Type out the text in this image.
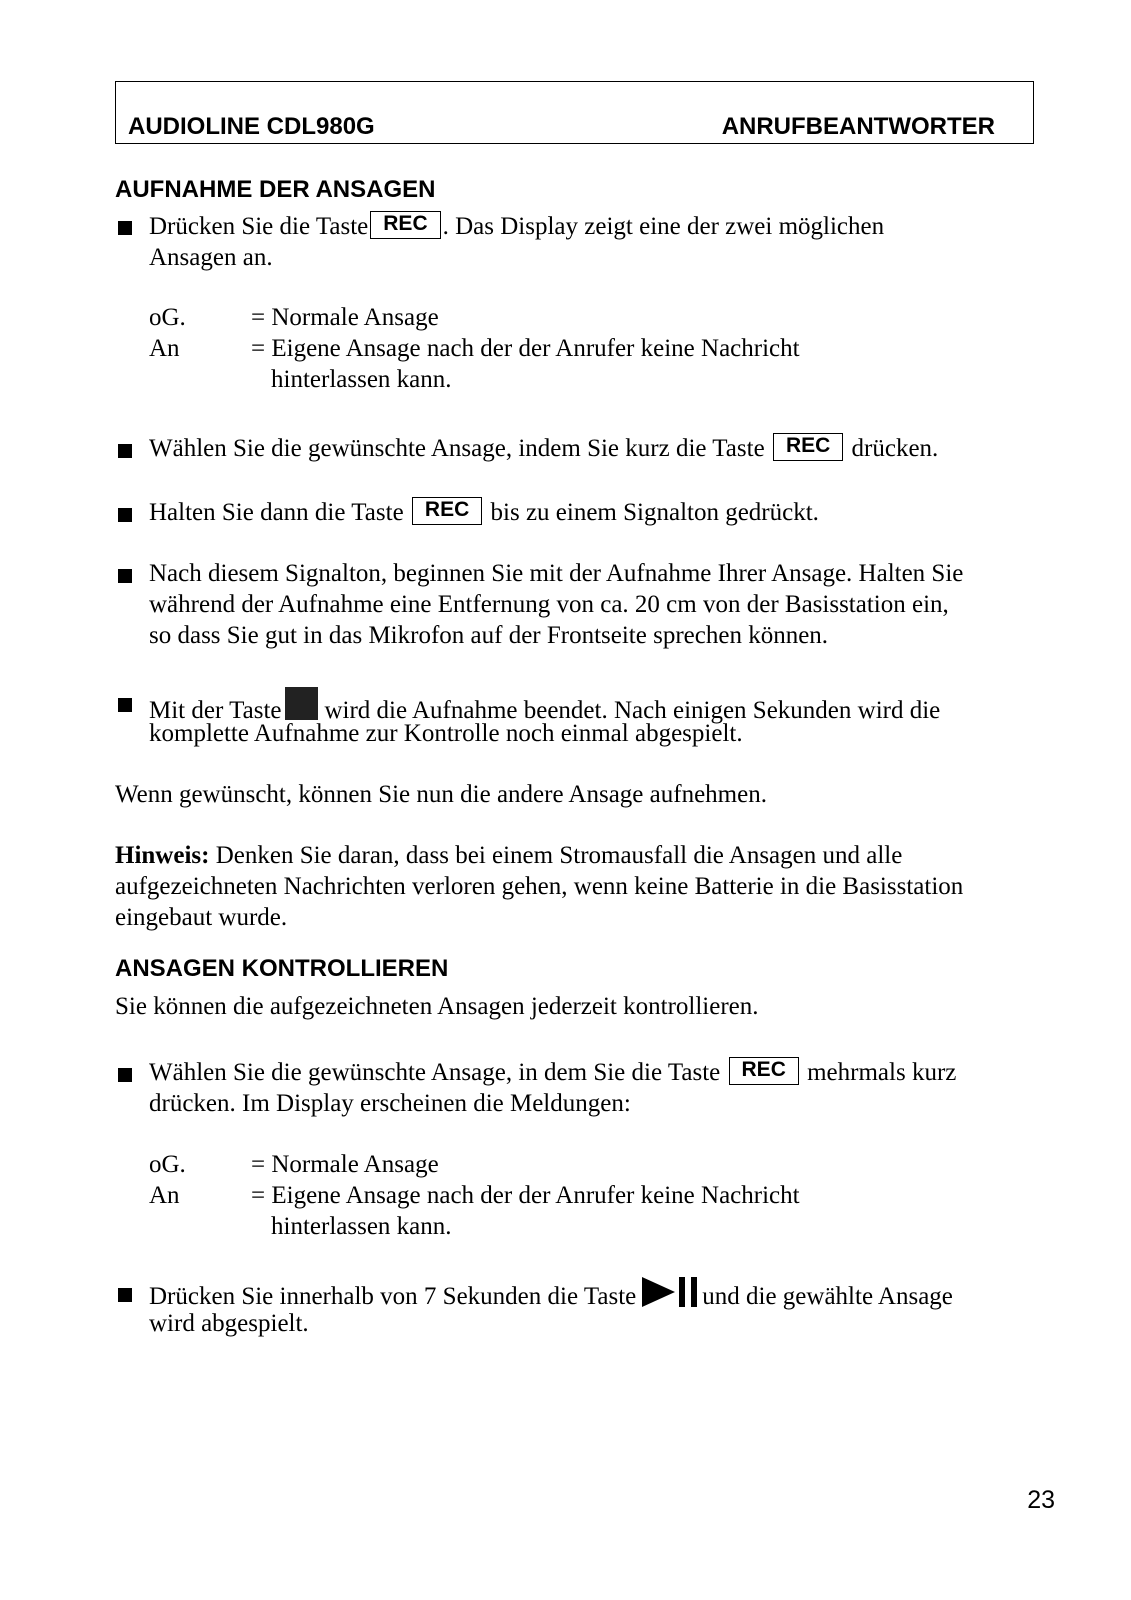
AUDIOLINE CDL980G	ANRUFBEANTWORTER
AUFNAHME DER ANSAGEN
Drücken Sie die Taste REC . Das Display zeigt eine der zwei möglichen
Ansagen an.
oG.	= Normale Ansage
An	= Eigene Ansage nach der der Anrufer keine Nachricht
hinterlassen kann.
Wählen Sie die gewünschte Ansage, indem Sie kurz die Taste REC drücken.
Halten Sie dann die Taste REC bis zu einem Signalton gedrückt.
Nach diesem Signalton, beginnen Sie mit der Aufnahme Ihrer Ansage. Halten Sie
während der Aufnahme eine Entfernung von ca. 20 cm von der Basisstation ein,
so dass Sie gut in das Mikrofon auf der Frontseite sprechen können.
Mit der Taste wird die Aufnahme beendet. Nach einigen Sekunden wird die
komplette Aufnahme zur Kontrolle noch einmal abgespielt.
Wenn gewünscht, können Sie nun die andere Ansage aufnehmen.
Hinweis: Denken Sie daran, dass bei einem Stromausfall die Ansagen und alle
aufgezeichneten Nachrichten verloren gehen, wenn keine Batterie in die Basisstation
eingebaut wurde.
ANSAGEN KONTROLLIEREN
Sie können die aufgezeichneten Ansagen jederzeit kontrollieren.
Wählen Sie die gewünschte Ansage, in dem Sie die Taste REC mehrmals kurz
drücken. Im Display erscheinen die Meldungen:
oG.	= Normale Ansage
An	= Eigene Ansage nach der der Anrufer keine Nachricht
hinterlassen kann.
Drücken Sie innerhalb von 7 Sekunden die Taste	und die gewählte Ansage
wird abgespielt.
23
